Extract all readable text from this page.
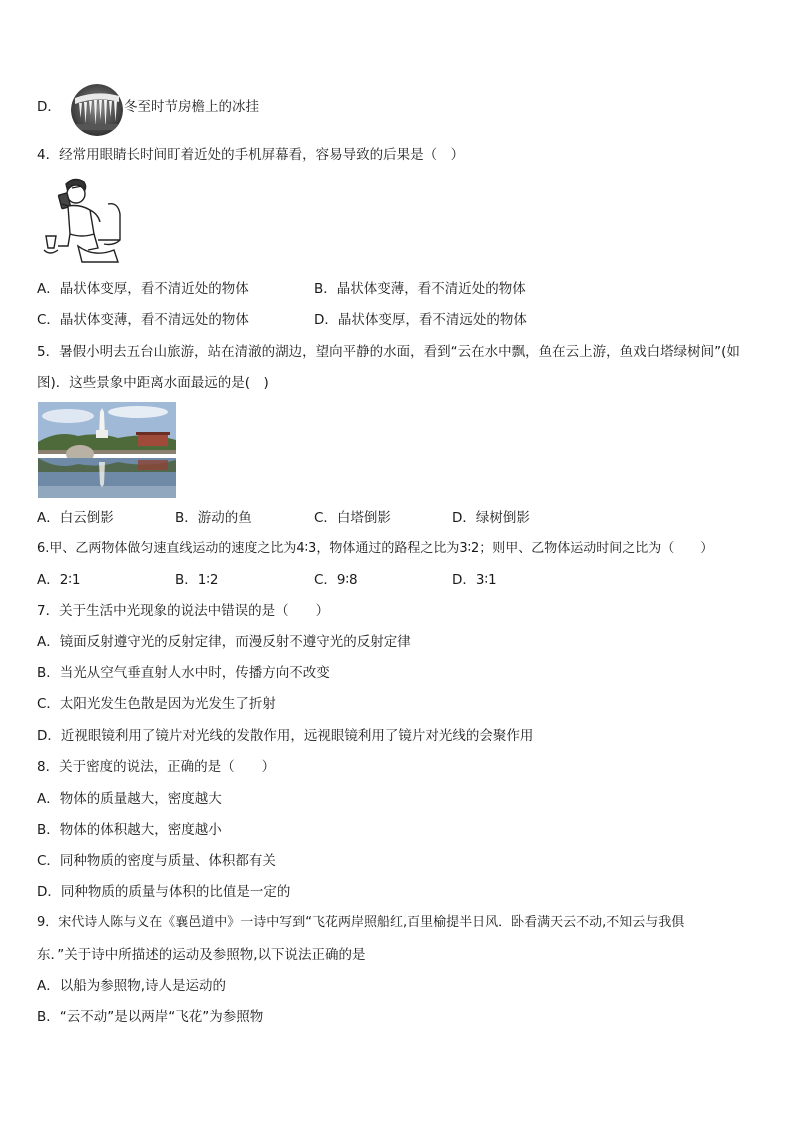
D．	冬至时节房檐上的冰挂
4．经常用眼睛长时间盯着近处的手机屏幕看，容易导致的后果是（　）
A．晶状体变厚，看不清近处的物体	B．晶状体变薄，看不清近处的物体
C．晶状体变薄，看不清远处的物体	D．晶状体变厚，看不清远处的物体
5．暑假小明去五台山旅游，站在清澈的湖边，望向平静的水面，看到“云在水中飘，鱼在云上游，鱼戏白塔绿树间”(如
图)．这些景象中距离水面最远的是(　)
A．白云倒影	B．游动的鱼	C．白塔倒影	D．绿树倒影
6.甲、乙两物体做匀速直线运动的速度之比为4∶3，物体通过的路程之比为3∶2；则甲、乙物体运动时间之比为（　　）
A．2∶1	B．1∶2	C．9∶8	D．3∶1
7．关于生活中光现象的说法中错误的是（　　）
A．镜面反射遵守光的反射定律，而漫反射不遵守光的反射定律
B．当光从空气垂直射人水中时，传播方向不改变
C．太阳光发生色散是因为光发生了折射
D．近视眼镜利用了镜片对光线的发散作用，远视眼镜利用了镜片对光线的会聚作用
8．关于密度的说法，正确的是（　　）
A．物体的质量越大，密度越大
B．物体的体积越大，密度越小
C．同种物质的密度与质量、体积都有关
D．同种物质的质量与体积的比值是一定的
9．宋代诗人陈与义在《襄邑道中》一诗中写到“飞花两岸照船红,百里榆提半日风．卧看满天云不动,不知云与我俱
东．”关于诗中所描述的运动及参照物,以下说法正确的是
A．以船为参照物,诗人是运动的
B．“云不动”是以两岸“飞花”为参照物
